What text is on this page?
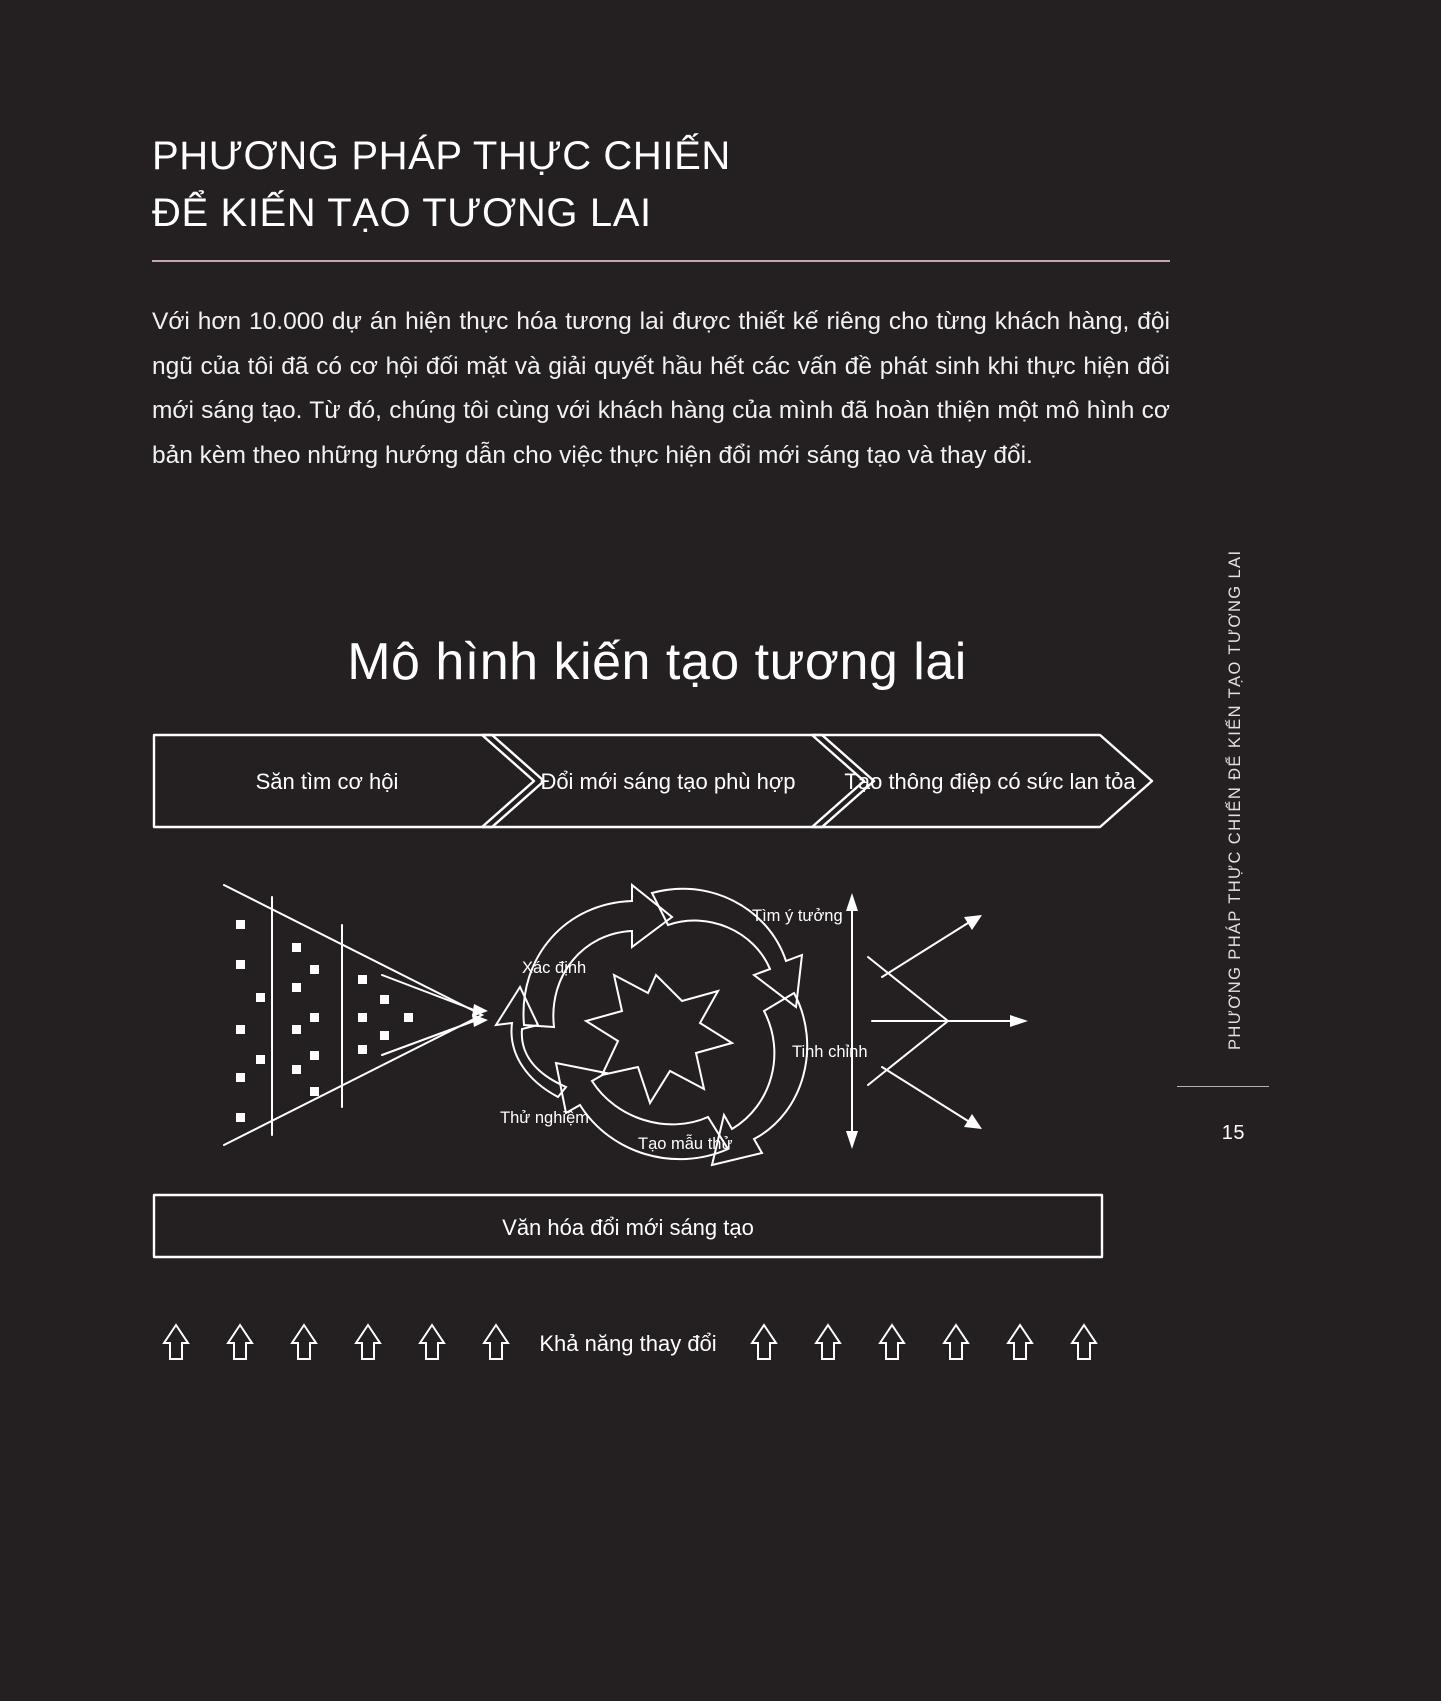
PHƯƠNG PHÁP THỰC CHIẾN
ĐỂ KIẾN TẠO TƯƠNG LAI
Với hơn 10.000 dự án hiện thực hóa tương lai được thiết kế riêng cho từng khách hàng, đội ngũ của tôi đã có cơ hội đối mặt và giải quyết hầu hết các vấn đề phát sinh khi thực hiện đổi mới sáng tạo. Từ đó, chúng tôi cùng với khách hàng của mình đã hoàn thiện một mô hình cơ bản kèm theo những hướng dẫn cho việc thực hiện đổi mới sáng tạo và thay đổi.
Mô hình kiến tạo tương lai
Săn tìm cơ hội	Đổi mới sáng tạo phù hợp Tạo thông điệp có sức lan tỏa
Tìm ý tưởng
Xác định
Tinh chỉnh
Thử nghiệm
Tạo mẫu thử
Văn hóa đổi mới sáng tạo
Khả năng thay đổi
PHƯƠNG PHÁP THỰC CHIẾN ĐỂ KIẾN TẠO TƯƠNG LAI
15
